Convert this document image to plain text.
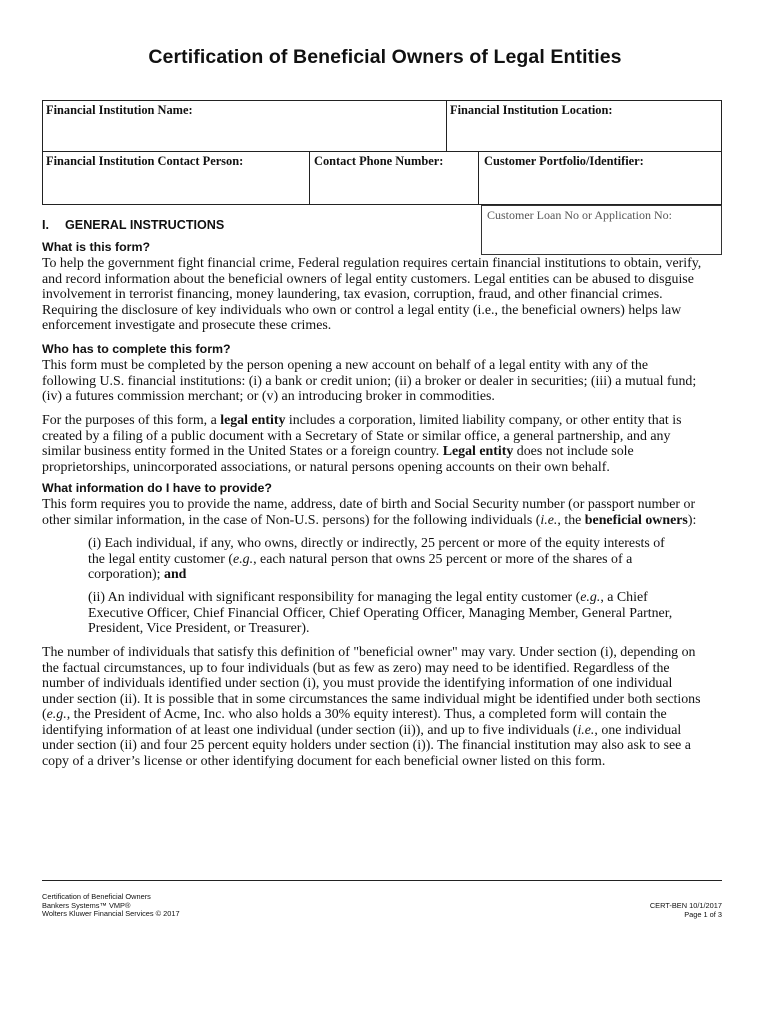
Certification of Beneficial Owners of Legal Entities
Financial Institution Name:	Financial Institution Location:
Financial Institution Contact Person:	Contact Phone Number:	Customer Portfolio/Identifier:
Customer Loan No or Application No:
I. GENERAL INSTRUCTIONS
What is this form?

To help the government fight financial crime, Federal regulation requires certain financial institutions to obtain, verify,

and record information about the beneficial owners of legal entity customers. Legal entities can be abused to disguise

involvement in terrorist financing, money laundering, tax evasion, corruption, fraud, and other financial crimes.

Requiring the disclosure of key individuals who own or control a legal entity (i.e., the beneficial owners) helps law

enforcement investigate and prosecute these crimes.

Who has to complete this form?

This form must be completed by the person opening a new account on behalf of a legal entity with any of the

following U.S. financial institutions: (i) a bank or credit union; (ii) a broker or dealer in securities; (iii) a mutual fund;

(iv) a futures commission merchant; or (v) an introducing broker in commodities.

For the purposes of this form, a legal entity includes a corporation, limited liability company, or other entity that is

created by a filing of a public document with a Secretary of State or similar office, a general partnership, and any

similar business entity formed in the United States or a foreign country. Legal entity does not include sole

proprietorships, unincorporated associations, or natural persons opening accounts on their own behalf.

What information do I have to provide?

This form requires you to provide the name, address, date of birth and Social Security number (or passport number or

other similar information, in the case of Non-U.S. persons) for the following individuals (i.e., the beneficial owners):

(i) Each individual, if any, who owns, directly or indirectly, 25 percent or more of the equity interests of

the legal entity customer (e.g., each natural person that owns 25 percent or more of the shares of a

corporation); and

(ii) An individual with significant responsibility for managing the legal entity customer (e.g., a Chief

Executive Officer, Chief Financial Officer, Chief Operating Officer, Managing Member, General Partner,

President, Vice President, or Treasurer).

The number of individuals that satisfy this definition of "beneficial owner" may vary. Under section (i), depending on

the factual circumstances, up to four individuals (but as few as zero) may need to be identified. Regardless of the

number of individuals identified under section (i), you must provide the identifying information of one individual

under section (ii). It is possible that in some circumstances the same individual might be identified under both sections

(e.g., the President of Acme, Inc. who also holds a 30% equity interest). Thus, a completed form will contain the

identifying information of at least one individual (under section (ii)), and up to five individuals (i.e., one individual

under section (ii) and four 25 percent equity holders under section (i)). The financial institution may also ask to see a

copy of a driver’s license or other identifying document for each beneficial owner listed on this form.

Certification of Beneficial Owners
Bankers Systems™ VMP®
Wolters Kluwer Financial Services © 2017
CERT-BEN 10/1/2017
Page 1 of 3
